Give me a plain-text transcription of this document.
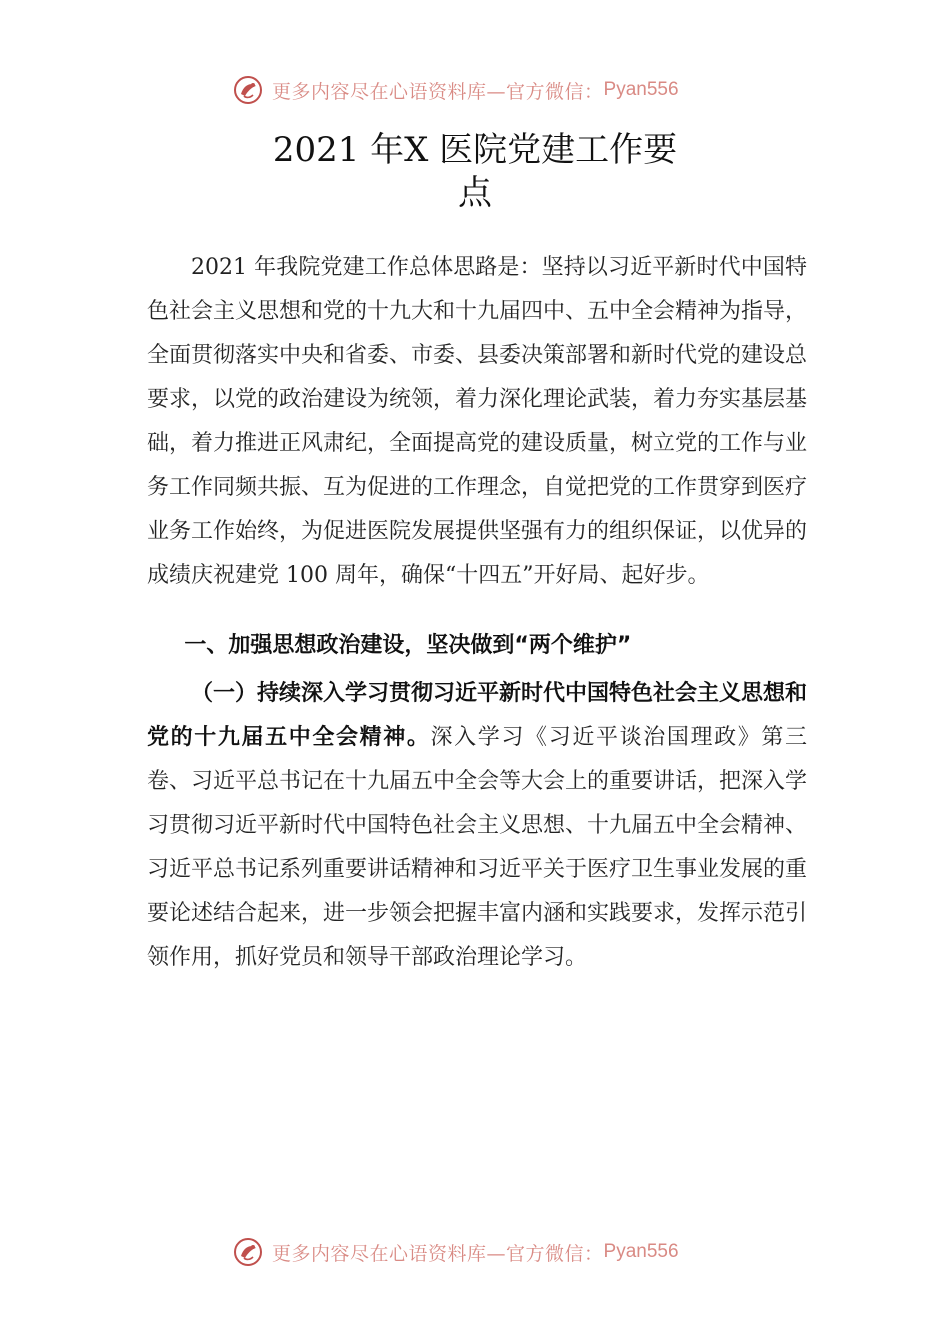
更多内容尽在心语资料库—官方微信： Pyan556
2021 年X 医院党建工作要
点

2021 年我院党建工作总体思路是：坚持以习近平新时代中国特色社会主义思想和党的十九大和十九届四中、五中全会精神为指导，全面贯彻落实中央和省委、市委、县委决策部署和新时代党的建设总要求，以党的政治建设为统领，着力深化理论武装，着力夯实基层基础，着力推进正风肃纪，全面提高党的建设质量，树立党的工作与业务工作同频共振、互为促进的工作理念，自觉把党的工作贯穿到医疗业务工作始终，为促进医院发展提供坚强有力的组织保证，以优异的成绩庆祝建党 100 周年，确保“十四五”开好局、起好步。

一、加强思想政治建设，坚决做到“两个维护”

（一）持续深入学习贯彻习近平新时代中国特色社会主义思想和党的十九届五中全会精神。深入学习《习近平谈治国理政》第三卷、习近平总书记在十九届五中全会等大会上的重要讲话，把深入学习贯彻习近平新时代中国特色社会主义思想、十九届五中全会精神、习近平总书记系列重要讲话精神和习近平关于医疗卫生事业发展的重要论述结合起来，进一步领会把握丰富内涵和实践要求，发挥示范引领作用，抓好党员和领导干部政治理论学习。

更多内容尽在心语资料库—官方微信： Pyan556
